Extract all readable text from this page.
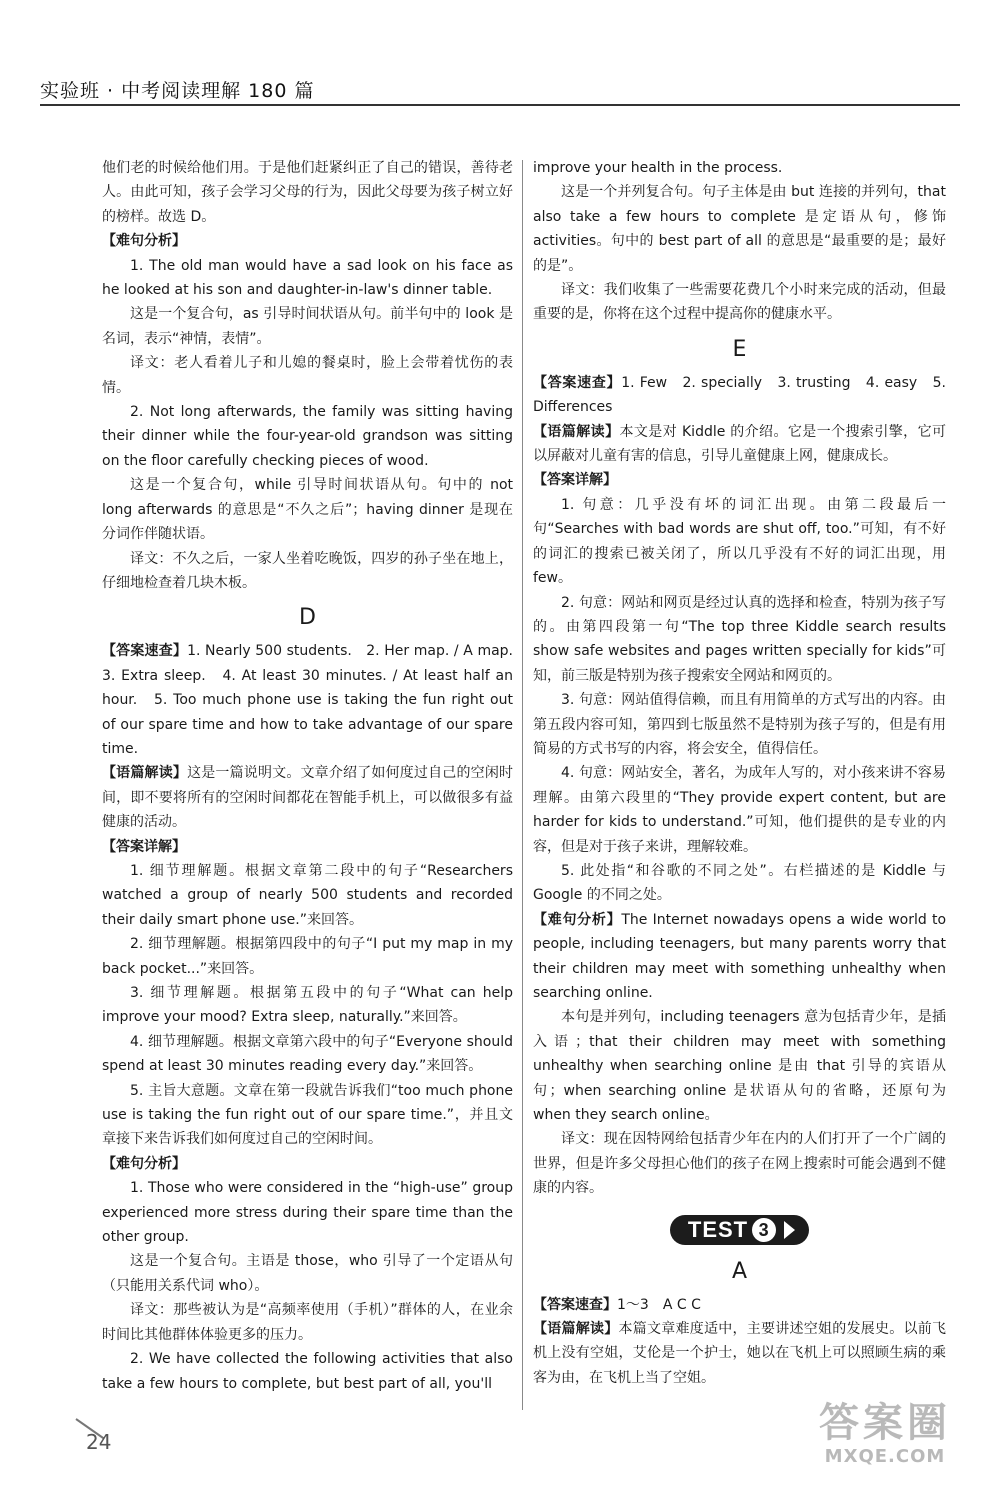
实验班 · 中考阅读理解 180 篇

他们老的时候给他们用。于是他们赶紧纠正了自己的错误，善待老人。由此可知，孩子会学习父母的行为，因此父母要为孩子树立好的榜样。故选 D。

【难句分析】

1. The old man would have a sad look on his face as he looked at his son and daughter-in-law's dinner table.

这是一个复合句，as 引导时间状语从句。前半句中的 look 是名词，表示“神情，表情”。

译文：老人看着儿子和儿媳的餐桌时，脸上会带着忧伤的表情。

2. Not long afterwards, the family was sitting having their dinner while the four-year-old grandson was sitting on the floor carefully checking pieces of wood.

这是一个复合句，while 引导时间状语从句。句中的 not long afterwards 的意思是“不久之后”；having dinner 是现在分词作伴随状语。

译文：不久之后，一家人坐着吃晚饭，四岁的孙子坐在地上，仔细地检查着几块木板。

D

【答案速查】1. Nearly 500 students.　2. Her map. / A map.　3. Extra sleep.　4. At least 30 minutes. / At least half an hour.　5. Too much phone use is taking the fun right out of our spare time and how to take advantage of our spare time.

【语篇解读】这是一篇说明文。文章介绍了如何度过自己的空闲时间，即不要将所有的空闲时间都花在智能手机上，可以做很多有益健康的活动。

【答案详解】

1. 细节理解题。根据文章第二段中的句子“Researchers watched a group of nearly 500 students and recorded their daily smart phone use.”来回答。

2. 细节理解题。根据第四段中的句子“I put my map in my back pocket...”来回答。

3. 细节理解题。根据第五段中的句子“What can help improve your mood? Extra sleep, naturally.”来回答。

4. 细节理解题。根据文章第六段中的句子“Everyone should spend at least 30 minutes reading every day.”来回答。

5. 主旨大意题。文章在第一段就告诉我们“too much phone use is taking the fun right out of our spare time.”，并且文章接下来告诉我们如何度过自己的空闲时间。

【难句分析】

1. Those who were considered in the “high-use” group experienced more stress during their spare time than the other group.

这是一个复合句。主语是 those，who 引导了一个定语从句（只能用关系代词 who）。

译文：那些被认为是“高频率使用（手机）”群体的人，在业余时间比其他群体体验更多的压力。

2. We have collected the following activities that also take a few hours to complete, but best part of all, you'll

improve your health in the process.

这是一个并列复合句。句子主体是由 but 连接的并列句，that also take a few hours to complete 是定语从句，修饰 activities。句中的 best part of all 的意思是“最重要的是；最好的是”。

译文：我们收集了一些需要花费几个小时来完成的活动，但最重要的是，你将在这个过程中提高你的健康水平。

E

【答案速查】1. Few　2. specially　3. trusting　4. easy　5. Differences

【语篇解读】本文是对 Kiddle 的介绍。它是一个搜索引擎，它可以屏蔽对儿童有害的信息，引导儿童健康上网，健康成长。

【答案详解】

1. 句意：几乎没有坏的词汇出现。由第二段最后一句“Searches with bad words are shut off, too.”可知，有不好的词汇的搜索已被关闭了，所以几乎没有不好的词汇出现，用 few。

2. 句意：网站和网页是经过认真的选择和检查，特别为孩子写的。由第四段第一句“The top three Kiddle search results show safe websites and pages written specially for kids”可知，前三版是特别为孩子搜索安全网站和网页的。

3. 句意：网站值得信赖，而且有用简单的方式写出的内容。由第五段内容可知，第四到七版虽然不是特别为孩子写的，但是有用简易的方式书写的内容，将会安全，值得信任。

4. 句意：网站安全，著名，为成年人写的，对小孩来讲不容易理解。由第六段里的“They provide expert content, but are harder for kids to understand.”可知，他们提供的是专业的内容，但是对于孩子来讲，理解较难。

5. 此处指“和谷歌的不同之处”。右栏描述的是 Kiddle 与 Google 的不同之处。

【难句分析】The Internet nowadays opens a wide world to people, including teenagers, but many parents worry that their children may meet with something unhealthy when searching online.

本句是并列句，including teenagers 意为包括青少年，是插入语；that their children may meet with something unhealthy when searching online 是由 that 引导的宾语从句；when searching online 是状语从句的省略，还原句为 when they search online。

译文：现在因特网给包括青少年在内的人们打开了一个广阔的世界，但是许多父母担心他们的孩子在网上搜索时可能会遇到不健康的内容。

TEST 3
A

【答案速查】1～3　A C C

【语篇解读】本篇文章难度适中，主要讲述空姐的发展史。以前飞机上没有空姐，艾伦是一个护士，她以在飞机上可以照顾生病的乘客为由，在飞机上当了空姐。

24	答案圈
MXQE.COM
